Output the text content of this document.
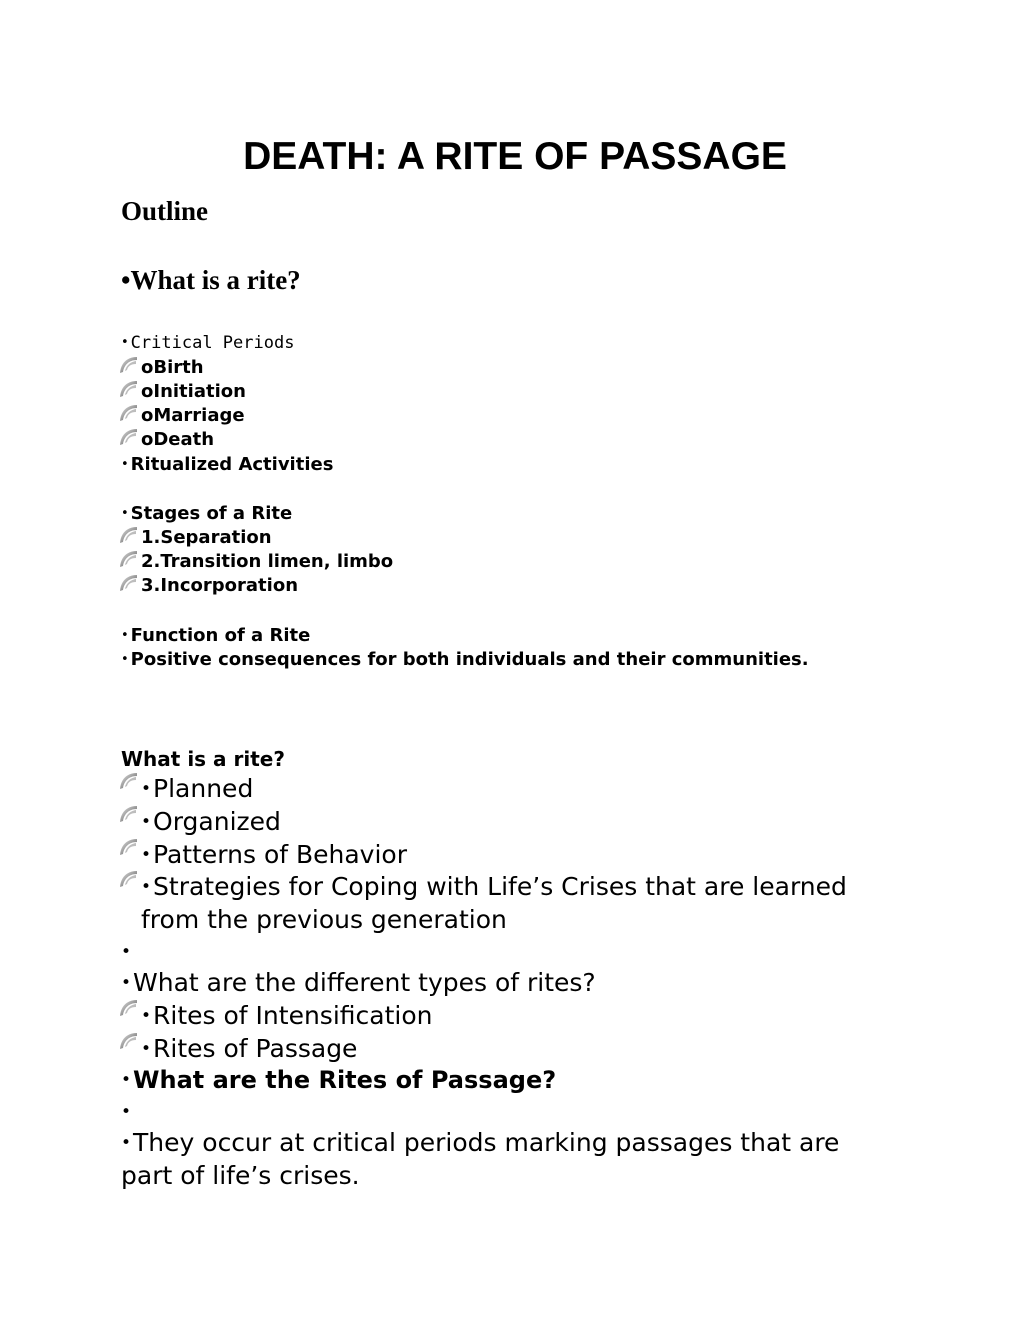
DEATH: A RITE OF PASSAGE
Outline
•What is a rite?
• Critical Periods
oBirth
oInitiation
oMarriage
oDeath
• Ritualized Activities
• Stages of a Rite
1.Separation
2.Transition limen, limbo
3.Incorporation
• Function of a Rite
• Positive consequences for both individuals and their communities.
What is a rite?
•Planned
•Organized
•Patterns of Behavior
•Strategies for Coping with Life’s Crises that are learned
from the previous generation
•
•What are the different types of rites?
•Rites of Intensification
•Rites of Passage
•What are the Rites of Passage?
•
•They occur at critical periods marking passages that are
part of life’s crises.
